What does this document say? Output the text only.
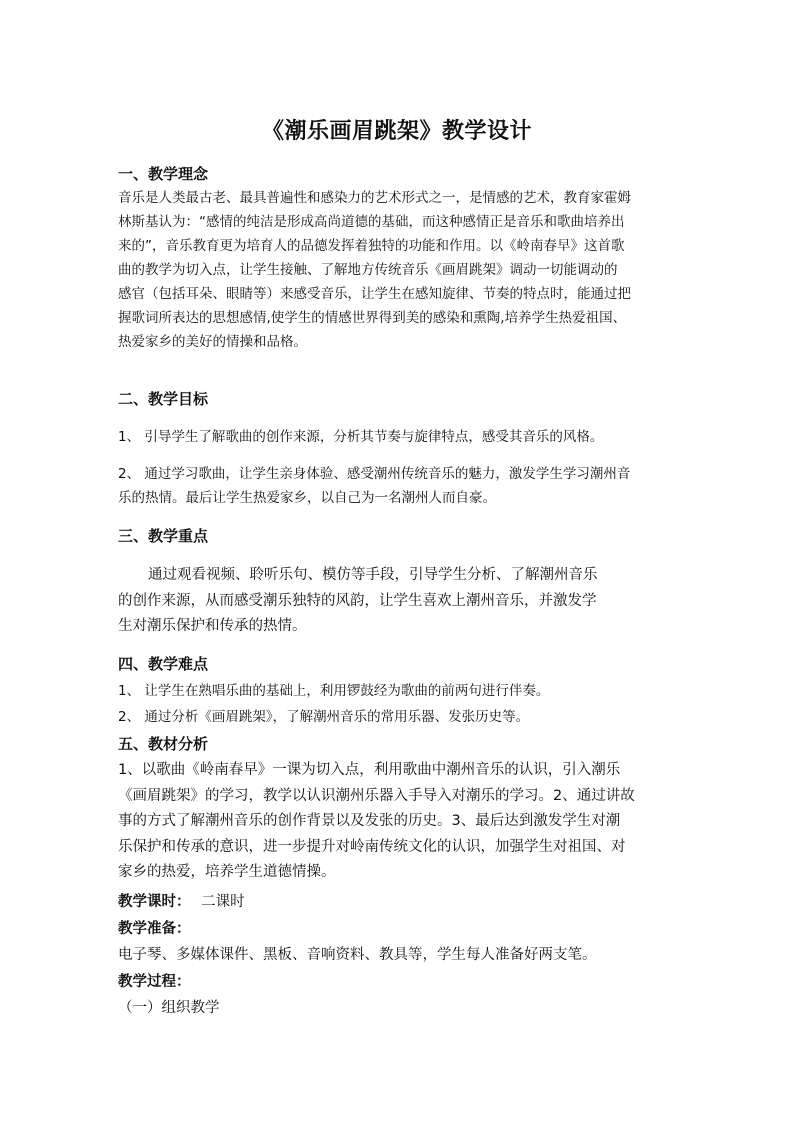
《潮乐画眉跳架》教学设计
一、教学理念
音乐是人类最古老、最具普遍性和感染力的艺术形式之一，是情感的艺术，教育家霍姆
林斯基认为：“感情的纯洁是形成高尚道德的基础，而这种感情正是音乐和歌曲培养出
来的”，音乐教育更为培育人的品德发挥着独特的功能和作用。以《岭南春早》这首歌
曲的教学为切入点，让学生接触、了解地方传统音乐《画眉跳架》调动一切能调动的
感官（包括耳朵、眼睛等）来感受音乐，让学生在感知旋律、节奏的特点时，能通过把
握歌词所表达的思想感情,使学生的情感世界得到美的感染和熏陶,培养学生热爱祖国、
热爱家乡的美好的情操和品格。
二、教学目标
1、 引导学生了解歌曲的创作来源，分析其节奏与旋律特点，感受其音乐的风格。
2、 通过学习歌曲，让学生亲身体验、感受潮州传统音乐的魅力，激发学生学习潮州音
乐的热情。最后让学生热爱家乡，以自己为一名潮州人而自豪。
三、教学重点
通过观看视频、聆听乐句、模仿等手段，引导学生分析、了解潮州音乐
的创作来源，从而感受潮乐独特的风韵，让学生喜欢上潮州音乐，并激发学
生对潮乐保护和传承的热情。
四、教学难点
1、 让学生在熟唱乐曲的基础上，利用锣鼓经为歌曲的前两句进行伴奏。
2、 通过分析《画眉跳架》，了解潮州音乐的常用乐器、发张历史等。
五、教材分析
1、以歌曲《岭南春早》一课为切入点，利用歌曲中潮州音乐的认识，引入潮乐
《画眉跳架》的学习，教学以认识潮州乐器入手导入对潮乐的学习。2、通过讲故
事的方式了解潮州音乐的创作背景以及发张的历史。3、最后达到激发学生对潮
乐保护和传承的意识，进一步提升对岭南传统文化的认识，加强学生对祖国、对
家乡的热爱，培养学生道德情操。
教学课时： 二课时
教学准备：
电子琴、多媒体课件、黑板、音响资料、教具等，学生每人准备好两支笔。
教学过程：
（一）组织教学
